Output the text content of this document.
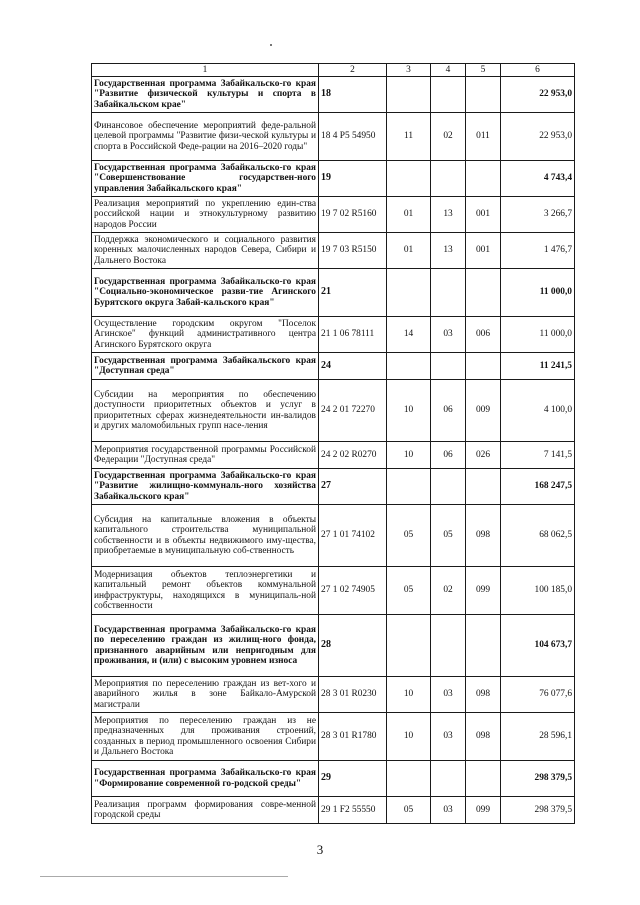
1	2	3	4	5	6
Государственная программа Забайкальско-го края "Развитие физической культуры и спорта в Забайкальском крае"	18				22 953,0
Финансовое обеспечение мероприятий феде-ральной целевой программы "Развитие физи-ческой культуры и спорта в Российской Феде-рации на 2016–2020 годы"	18 4 P5 54950	11	02	011	22 953,0
Государственная программа Забайкальско-го края "Совершенствование государствен-ного управления Забайкальского края"	19				4 743,4
Реализация мероприятий по укреплению един-ства российской нации и этнокультурному развитию народов России	19 7 02 R5160	01	13	001	3 266,7
Поддержка экономического и социального развития коренных малочисленных народов Севера, Сибири и Дальнего Востока	19 7 03 R5150	01	13	001	1 476,7
Государственная программа Забайкальско-го края "Социально-экономическое разви-тие Агинского Бурятского округа Забай-кальского края"	21				11 000,0
Осуществление городским округом "Поселок Агинское" функций административного центра Агинского Бурятского округа	21 1 06 78111	14	03	006	11 000,0
Государственная программа Забайкальского края "Доступная среда"	24				11 241,5
Субсидии на мероприятия по обеспечению доступности приоритетных объектов и услуг в приоритетных сферах жизнедеятельности ин-валидов и других маломобильных групп насе-ления	24 2 01 72270	10	06	009	4 100,0
Мероприятия государственной программы Российской Федерации "Доступная среда"	24 2 02 R0270	10	06	026	7 141,5
Государственная программа Забайкальско-го края "Развитие жилищно-коммуналь-ного хозяйства Забайкальского края"	27				168 247,5
Субсидия на капитальные вложения в объекты капитального строительства муниципальной собственности и в объекты недвижимого иму-щества, приобретаемые в муниципальную соб-ственность	27 1 01 74102	05	05	098	68 062,5
Модернизация объектов теплоэнергетики и капитальный ремонт объектов коммунальной инфраструктуры, находящихся в муниципаль-ной собственности	27 1 02 74905	05	02	099	100 185,0
Государственная программа Забайкальско-го края по переселению граждан из жилищ-ного фонда, признанного аварийным или непригодным для проживания, и (или) с высоким уровнем износа	28				104 673,7
Мероприятия по переселению граждан из вет-хого и аварийного жилья в зоне Байкало-Амурской магистрали	28 3 01 R0230	10	03	098	76 077,6
Мероприятия по переселению граждан из не предназначенных для проживания строений, созданных в период промышленного освоения Сибири и Дальнего Востока	28 3 01 R1780	10	03	098	28 596,1
Государственная программа Забайкальско-го края "Формирование современной го-родской среды"	29				298 379,5
Реализация программ формирования совре-менной городской среды	29 1 F2 55550	05	03	099	298 379,5
3
